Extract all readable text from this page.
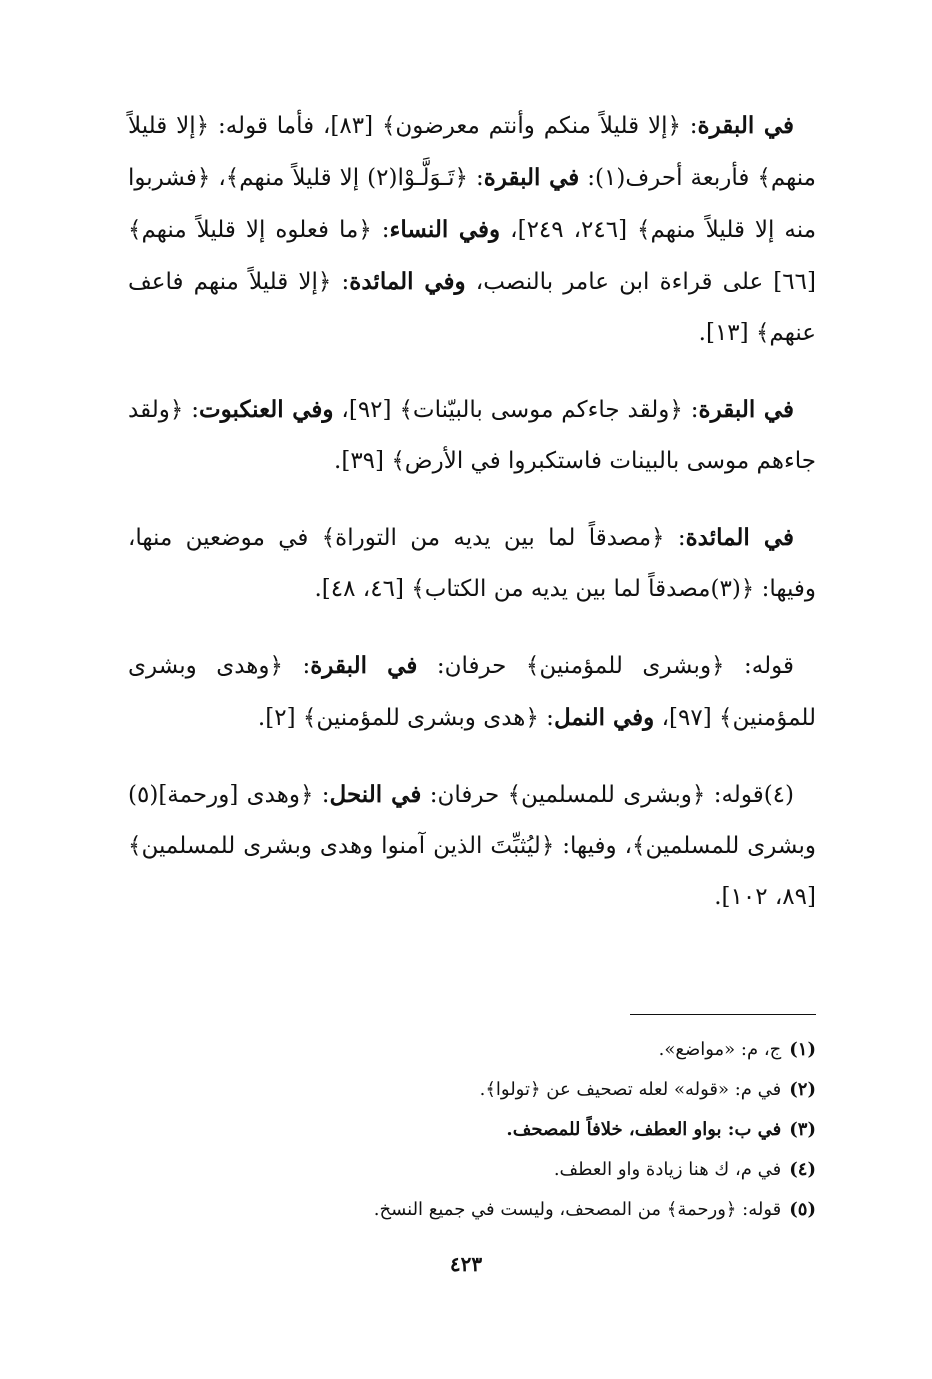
في البقرة: ﴿إلا قليلاً منكم وأنتم معرضون﴾ [٨٣]، فأما قوله: ﴿إلا قليلاً منهم﴾ فأربعة أحرف(١): في البقرة: ﴿تَـوَلَّـوْا(٢) إلا قليلاً منهم﴾، ﴿فشربوا منه إلا قليلاً منهم﴾ [٢٤٦، ٢٤٩]، وفي النساء: ﴿ما فعلوه إلا قليلاً منهم﴾ [٦٦] على قراءة ابن عامر بالنصب، وفي المائدة: ﴿إلا قليلاً منهم فاعف عنهم﴾ [١٣].

في البقرة: ﴿ولقد جاءكم موسى بالبيّنات﴾ [٩٢]، وفي العنكبوت: ﴿ولقد جاءهم موسى بالبينات فاستكبروا في الأرض﴾ [٣٩].

في المائدة: ﴿مصدقاً لما بين يديه من التوراة﴾ في موضعين منها، وفيها: ﴿(٣)مصدقاً لما بين يديه من الكتاب﴾ [٤٦، ٤٨].

قوله: ﴿وبشرى للمؤمنين﴾ حرفان: في البقرة: ﴿وهدى وبشرى للمؤمنين﴾ [٩٧]، وفي النمل: ﴿هدى وبشرى للمؤمنين﴾ [٢].

(٤)قوله: ﴿وبشرى للمسلمين﴾ حرفان: في النحل: ﴿وهدى [ورحمة](٥) وبشرى للمسلمين﴾، وفيها: ﴿ليُثبِّتَ الذين آمنوا وهدى وبشرى للمسلمين﴾ [٨٩، ١٠٢].

(١)ج، م: «مواضع».

(٢)في م: «قوله» لعله تصحيف عن ﴿تولوا﴾.

(٣)في ب: بواو العطف، خلافاً للمصحف.

(٤)في م، ك هنا زيادة واو العطف.

(٥)قوله: ﴿ورحمة﴾ من المصحف، وليست في جميع النسخ.

٤٢٣
